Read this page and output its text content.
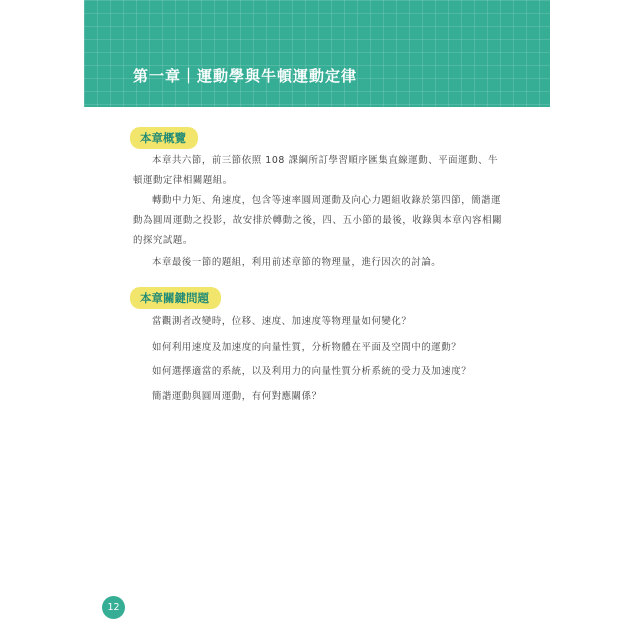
第一章｜運動學與牛頓運動定律
本章概覽

本章共六節，前三節依照 108 課綱所訂學習順序匯集直線運動、平面運動、牛頓運動定律相關題組。

轉動中力矩、角速度，包含等速率圓周運動及向心力題組收錄於第四節，簡諧運動為圓周運動之投影，故安排於轉動之後，四、五小節的最後，收錄與本章內容相關的探究試題。

本章最後一節的題組，利用前述章節的物理量，進行因次的討論。

本章關鍵問題

當觀測者改變時，位移、速度、加速度等物理量如何變化？

如何利用速度及加速度的向量性質，分析物體在平面及空間中的運動？

如何選擇適當的系統，以及利用力的向量性質分析系統的受力及加速度？

簡諧運動與圓周運動，有何對應關係？

12
